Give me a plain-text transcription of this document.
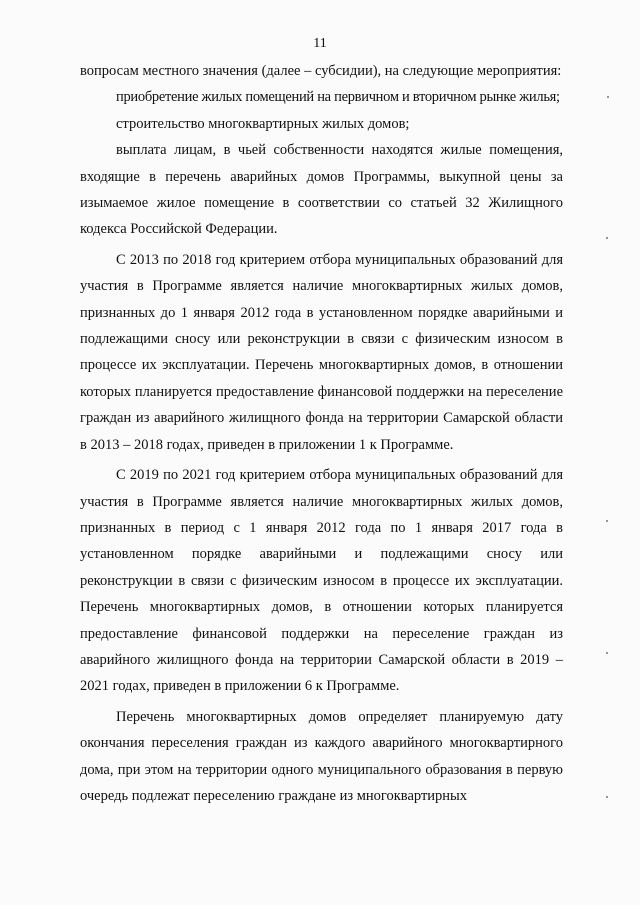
11

вопросам местного значения (далее – субсидии), на следующие мероприятия:

приобретение жилых помещений на первичном и вторичном рынке жилья;

строительство многоквартирных жилых домов;

выплата лицам, в чьей собственности находятся жилые помещения, входящие в перечень аварийных домов Программы, выкупной цены за изымаемое жилое помещение в соответствии со статьей 32 Жилищного кодекса Российской Федерации.

С 2013 по 2018 год критерием отбора муниципальных образований для участия в Программе является наличие многоквартирных жилых домов, признанных до 1 января 2012 года в установленном порядке аварийными и подлежащими сносу или реконструкции в связи с физическим износом в процессе их эксплуатации. Перечень многоквартирных домов, в отношении которых планируется предоставление финансовой поддержки на переселение граждан из аварийного жилищного фонда на территории Самарской области в 2013 – 2018 годах, приведен в приложении 1 к Программе.

С 2019 по 2021 год критерием отбора муниципальных образований для участия в Программе является наличие многоквартирных жилых домов, признанных в период с 1 января 2012 года по 1 января 2017 года в установленном порядке аварийными и подлежащими сносу или реконструкции в связи с физическим износом в процессе их эксплуатации. Перечень многоквартирных домов, в отношении которых планируется предоставление финансовой поддержки на переселение граждан из аварийного жилищного фонда на территории Самарской области в 2019 – 2021 годах, приведен в приложении 6 к Программе.

Перечень многоквартирных домов определяет планируемую дату окончания переселения граждан из каждого аварийного многоквартирного дома, при этом на территории одного муниципального образования в первую очередь подлежат переселению граждане из многоквартирных
